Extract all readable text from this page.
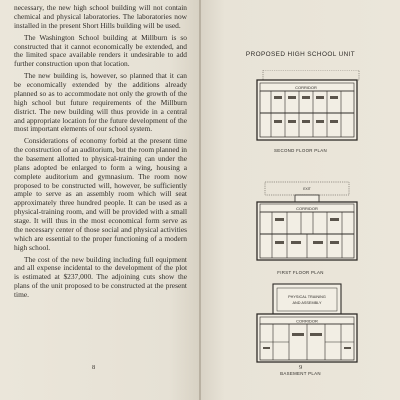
necessary, the new high school building will not contain chemical and physical laboratories. The laboratories now installed in the present Short Hills building will be used.

The Washington School building at Millburn is so constructed that it cannot economically be extended, and the limited space available renders it undesirable to add further construction upon that location.

The new building is, however, so planned that it can be economically extended by the additions already planned so as to accommodate not only the growth of the high school but future requirements of the Millburn district. The new building will thus provide in a central and appropriate location for the future development of the most important elements of our school system.

Considerations of economy forbid at the present time the construction of an auditorium, but the room planned in the basement allotted to physical-training can under the plans adopted be enlarged to form a wing, housing a complete auditorium and gymnasium. The room now proposed to be constructed will, however, be sufficiently ample to serve as an assembly room which will seat approximately three hundred people. It can be used as a physical-training room, and will be provided with a small stage. It will thus in the most economical form serve as the necessary center of those social and physical activities which are essential to the proper functioning of a modern high school.

The cost of the new building including full equipment and all expense incidental to the development of the plot is estimated at $237,000. The adjoining cuts show the plans of the unit proposed to be constructed at the present time.

8
PROPOSED HIGH SCHOOL UNIT
CORRIDOR
SECOND FLOOR PLAN
EXIT
CORRIDOR
FIRST FLOOR PLAN
PHYSICAL TRAINING
AND ASSEMBLY
CORRIDOR
BASEMENT PLAN
9
